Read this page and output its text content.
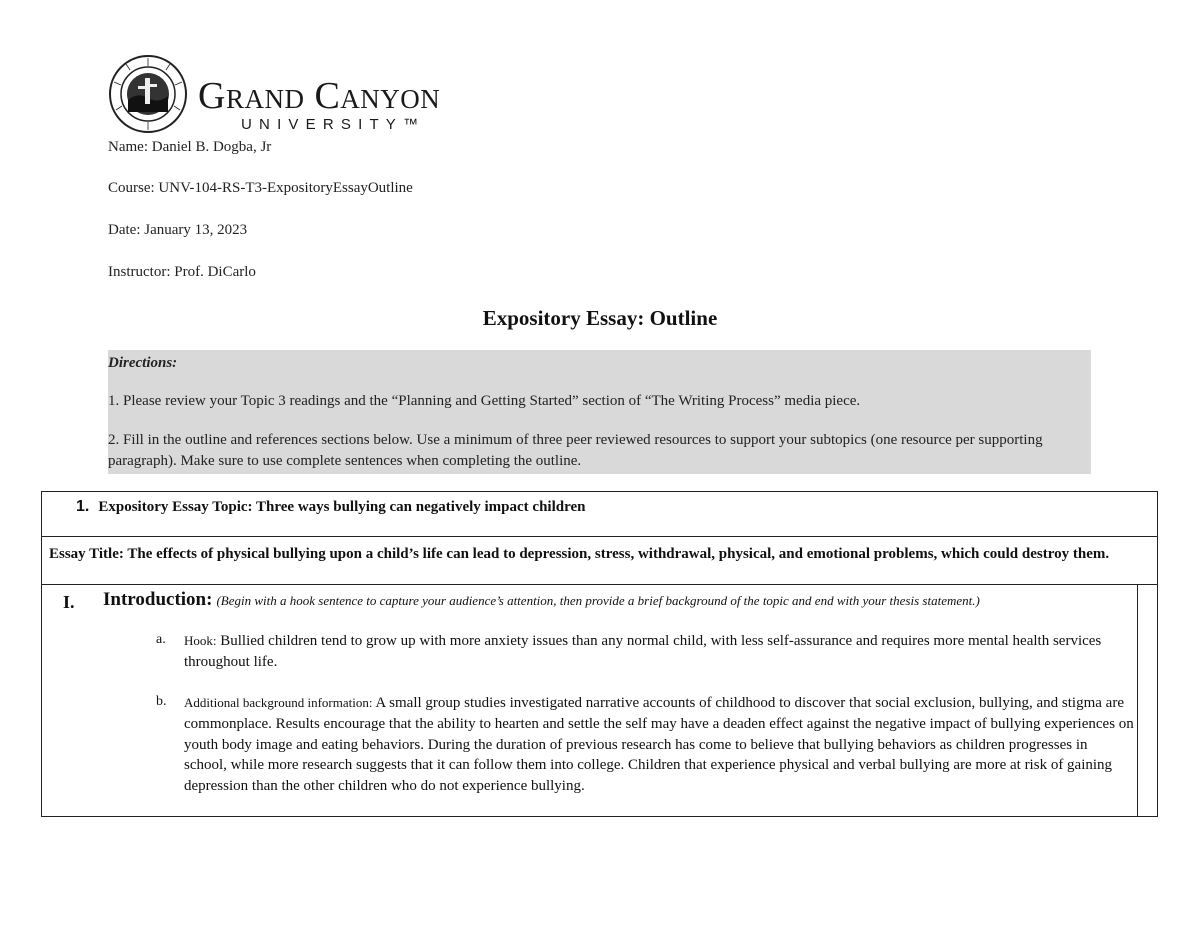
Grand Canyon
UNIVERSITY™
Name: Daniel B. Dogba, Jr
Course: UNV-104-RS-T3-ExpositoryEssayOutline
Date: January 13, 2023
Instructor: Prof. DiCarlo
Expository Essay: Outline
Directions:
1. Please review your Topic 3 readings and the “Planning and Getting Started” section of “The Writing Process” media piece.
2. Fill in the outline and references sections below. Use a minimum of three peer reviewed resources to support your subtopics (one resource per supporting paragraph). Make sure to use complete sentences when completing the outline.
1. Expository Essay Topic: Three ways bullying can negatively impact children
Essay Title: The effects of physical bullying upon a child’s life can lead to depression, stress, withdrawal, physical, and emotional problems, which could destroy them.
I. Introduction: (Begin with a hook sentence to capture your audience’s attention, then provide a brief background of the topic and end with your thesis statement.)
a. Hook: Bullied children tend to grow up with more anxiety issues than any normal child, with less self-assurance and requires more mental health services throughout life.
b. Additional background information: A small group studies investigated narrative accounts of childhood to discover that social exclusion, bullying, and stigma are commonplace. Results encourage that the ability to hearten and settle the self may have a deaden effect against the negative impact of bullying experiences on youth body image and eating behaviors. During the duration of previous research has come to believe that bullying behaviors as children progresses in school, while more research suggests that it can follow them into college. Children that experience physical and verbal bullying are more at risk of gaining depression than the other children who do not experience bullying.
